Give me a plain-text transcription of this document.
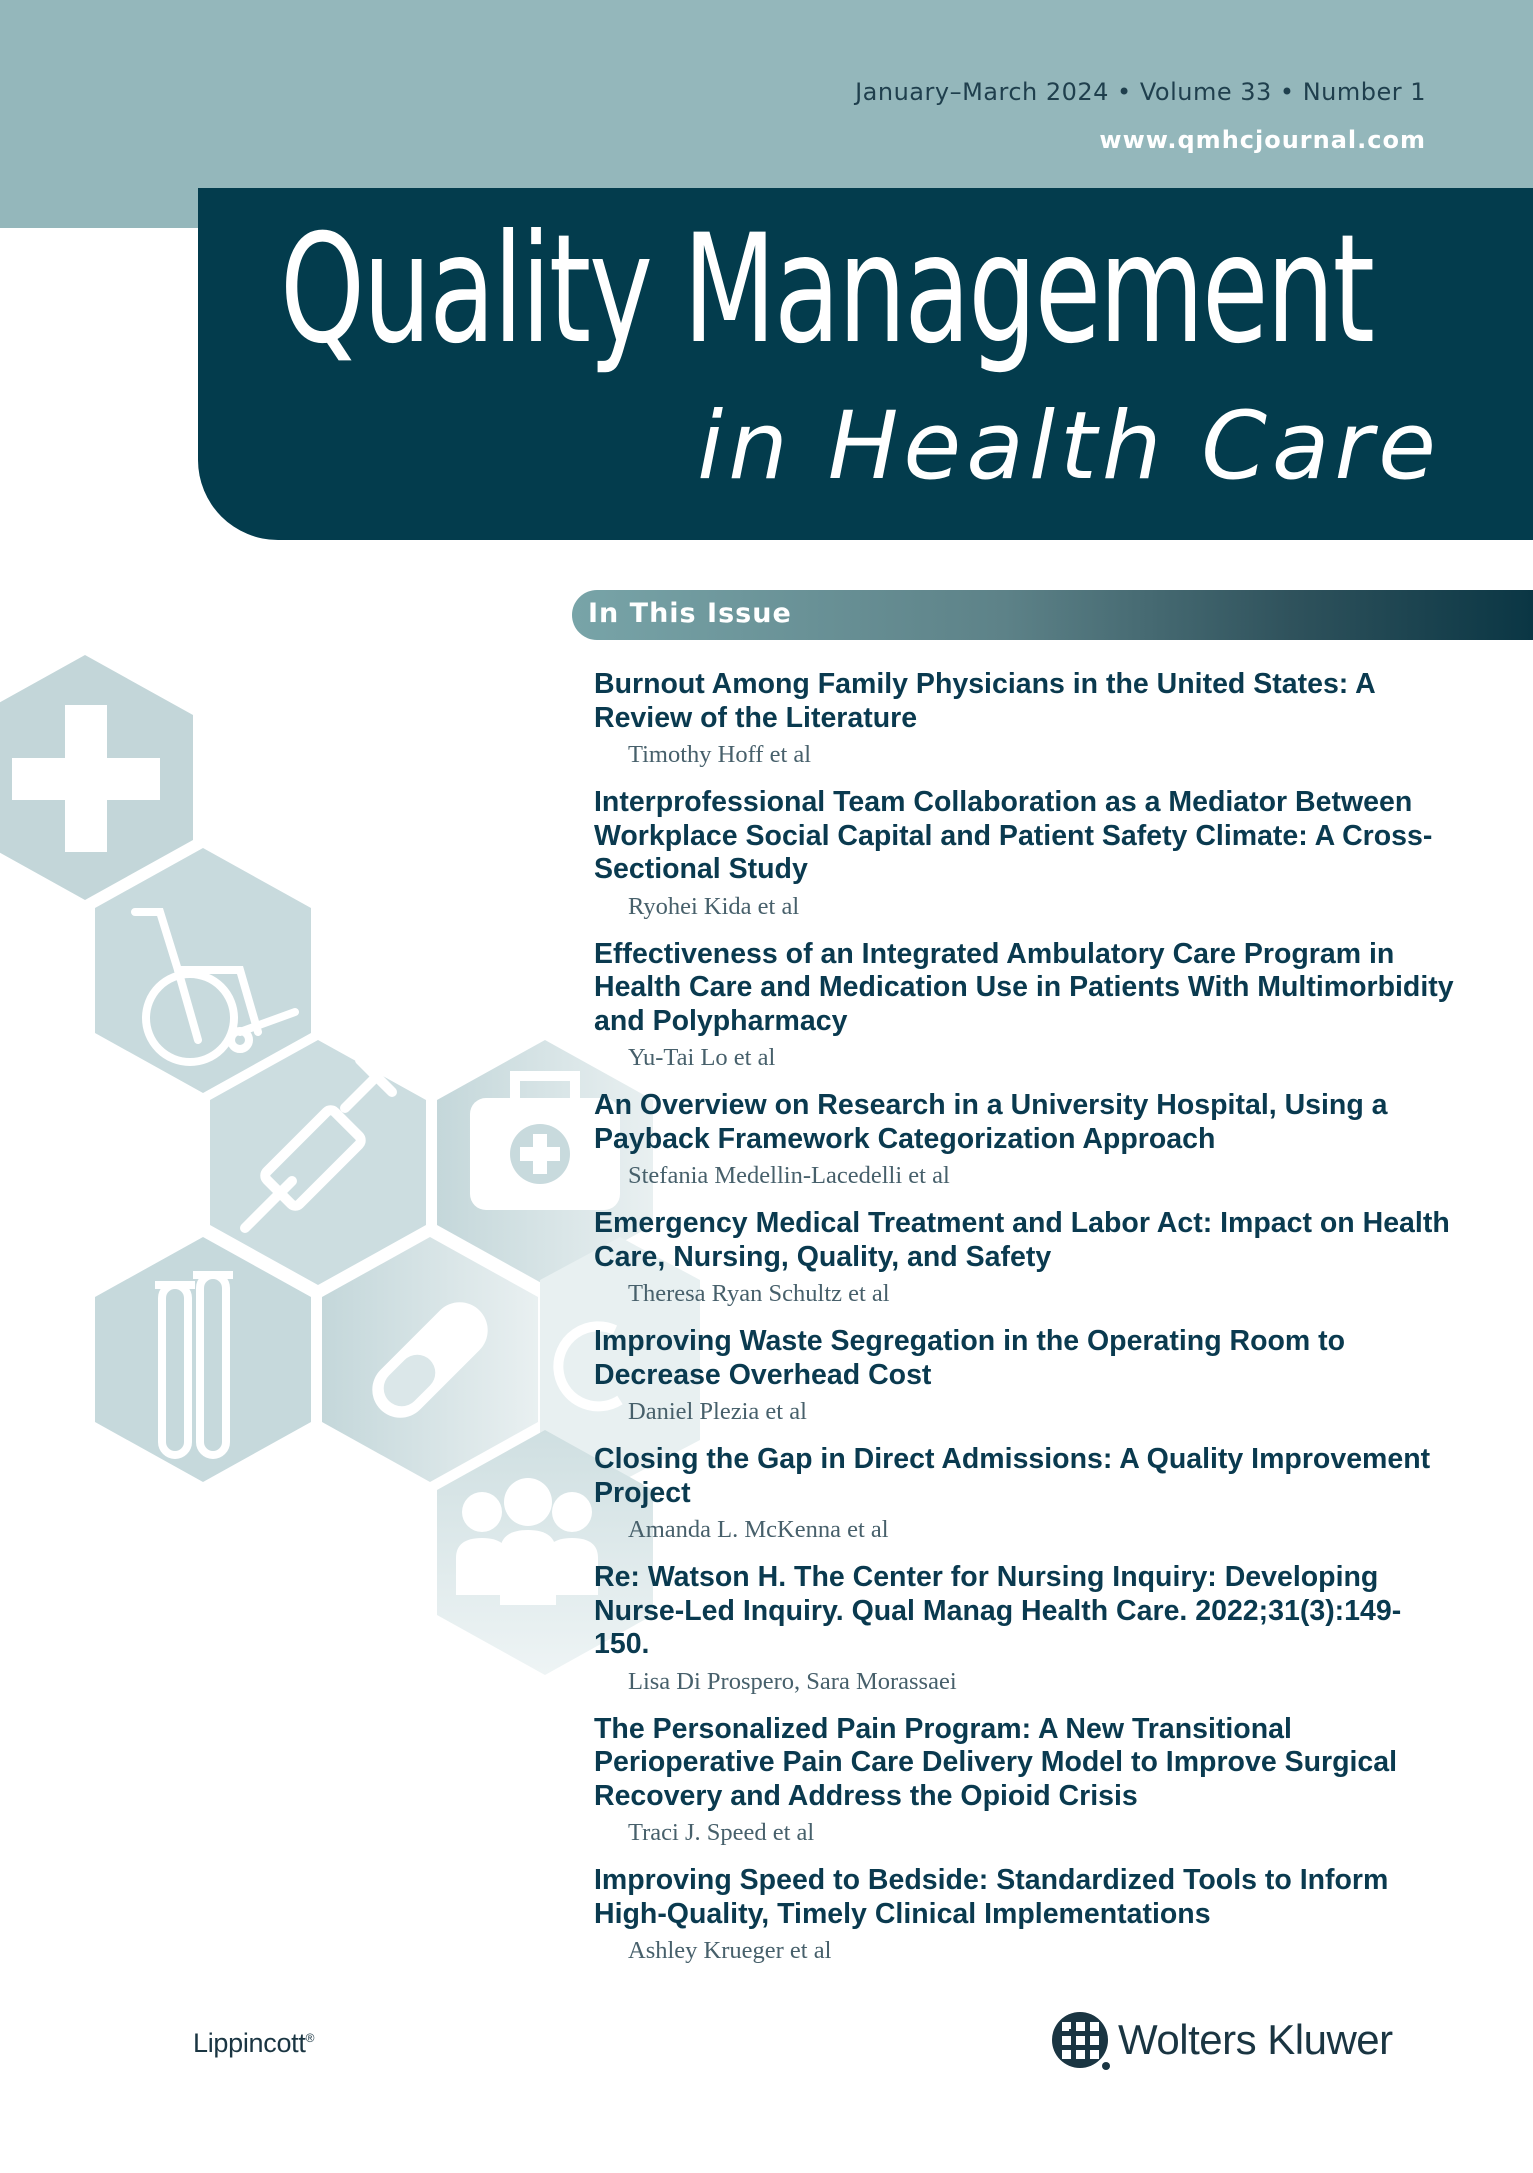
January–March 2024 • Volume 33 • Number 1
www.qmhcjournal.com
Quality Management
in Health Care
In This Issue
Burnout Among Family Physicians in the United States: A Review of the Literature
Timothy Hoff et al
Interprofessional Team Collaboration as a Mediator Between Workplace Social Capital and Patient Safety Climate: A Cross-Sectional Study
Ryohei Kida et al
Effectiveness of an Integrated Ambulatory Care Program in Health Care and Medication Use in Patients With Multimorbidity and Polypharmacy
Yu-Tai Lo et al
An Overview on Research in a University Hospital, Using a Payback Framework Categorization Approach
Stefania Medellin-Lacedelli et al
Emergency Medical Treatment and Labor Act: Impact on Health Care, Nursing, Quality, and Safety
Theresa Ryan Schultz et al
Improving Waste Segregation in the Operating Room to Decrease Overhead Cost
Daniel Plezia et al
Closing the Gap in Direct Admissions: A Quality Improvement Project
Amanda L. McKenna et al
Re: Watson H. The Center for Nursing Inquiry: Developing Nurse-Led Inquiry. Qual Manag Health Care. 2022;31(3):149-150.
Lisa Di Prospero, Sara Morassaei
The Personalized Pain Program: A New Transitional Perioperative Pain Care Delivery Model to Improve Surgical Recovery and Address the Opioid Crisis
Traci J. Speed et al
Improving Speed to Bedside: Standardized Tools to Inform High-Quality, Timely Clinical Implementations
Ashley Krueger et al
Lippincott®	Wolters Kluwer
